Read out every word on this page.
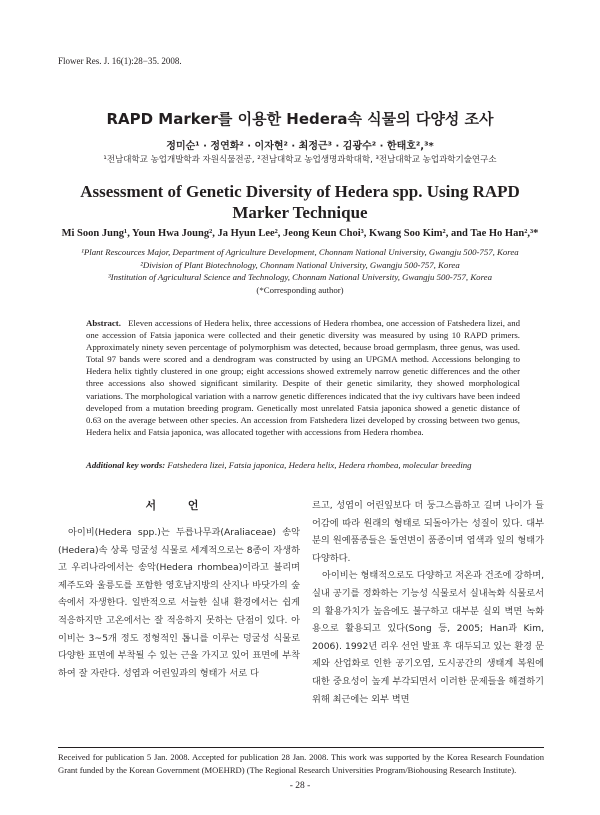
Flower Res. J. 16(1):28−35. 2008.
RAPD Marker를 이용한 Hedera속 식물의 다양성 조사
정미순¹ · 정연화² · 이자현² · 최정근³ · 김광수² · 한태호²,³*
¹전남대학교 농업개발학과 자원식물전공, ²전남대학교 농업생명과학대학, ³전남대학교 농업과학기술연구소
Assessment of Genetic Diversity of Hedera spp. Using RAPD Marker Technique
Mi Soon Jung¹, Youn Hwa Joung², Ja Hyun Lee², Jeong Keun Choi³, Kwang Soo Kim², and Tae Ho Han²,³*
¹Plant Rescources Major, Department of Agriculture Development, Chonnam National University, Gwangju 500-757, Korea
²Division of Plant Biotechnology, Chonnam National University, Gwangju 500-757, Korea
³Institution of Agricultural Science and Technology, Chonnam National University, Gwangju 500-757, Korea
(*Corresponding author)
Abstract. Eleven accessions of Hedera helix, three accessions of Hedera rhombea, one accession of Fatshedera lizei, and one accession of Fatsia japonica were collected and their genetic diversity was measured by using 10 RAPD primers. Approximately ninety seven percentage of polymorphism was detected, because broad germplasm, three genus, was used. Total 97 bands were scored and a dendrogram was constructed by using an UPGMA method. Accessions belonging to Hedera helix tightly clustered in one group; eight accessions showed extremely narrow genetic differences and the other three accessions also showed significant similarity. Despite of their genetic similarity, they showed morphological variations. The morphological variation with a narrow genetic differences indicated that the ivy cultivars have been indeed developed from a mutation breeding program. Genetically most unrelated Fatsia japonica showed a genetic distance of 0.63 on the average between other species. An accession from Fatshedera lizei developed by crossing between two genus, Hedera helix and Fatsia japonica, was allocated together with accessions from Hedera rhombea.
Additional key words: Fatshedera lizei, Fatsia japonica, Hedera helix, Hedera rhombea, molecular breeding
서 언

아이비(Hedera spp.)는 두릅나무과(Araliaceae) 송악(Hedera)속 상록 덩굴성 식물로 세계적으로는 8종이 자생하고 우리나라에서는 송악(Hedera rhombea)이라고 불리며 제주도와 울릉도를 포함한 영호남지방의 산지나 바닷가의 숲 속에서 자생한다. 일반적으로 서늘한 실내 환경에서는 쉽게 적응하지만 고온에서는 잘 적응하지 못하는 단점이 있다. 아이비는 3~5개 정도 정형적인 톱니를 이루는 덩굴성 식물로 다양한 표면에 부착될 수 있는 근을 가지고 있어 표면에 부착하여 잘 자란다. 성엽과 어린잎과의 형태가 서로 다

르고, 성엽이 어린잎보다 더 둥그스름하고 길며 나이가 들어감에 따라 원래의 형태로 되돌아가는 성질이 있다. 대부분의 원예품종들은 돌연변이 품종이며 엽색과 잎의 형태가 다양하다.

아이비는 형태적으로도 다양하고 저온과 건조에 강하며, 실내 공기를 정화하는 기능성 식물로서 실내녹화 식물로서의 활용가치가 높음에도 불구하고 대부분 실외 벽면 녹화용으로 활용되고 있다(Song 등, 2005; Han과 Kim, 2006). 1992년 리우 선언 발표 후 대두되고 있는 환경 문제와 산업화로 인한 공기오염, 도시공간의 생태계 복원에 대한 중요성이 높게 부각되면서 이러한 문제들을 해결하기 위해 최근에는 외부 벽면

Received for publication 5 Jan. 2008. Accepted for publication 28 Jan. 2008. This work was supported by the Korea Research Foundation Grant funded by the Korean Government (MOEHRD) (The Regional Research Universities Program/Biohousing Research Institute).
- 28 -
